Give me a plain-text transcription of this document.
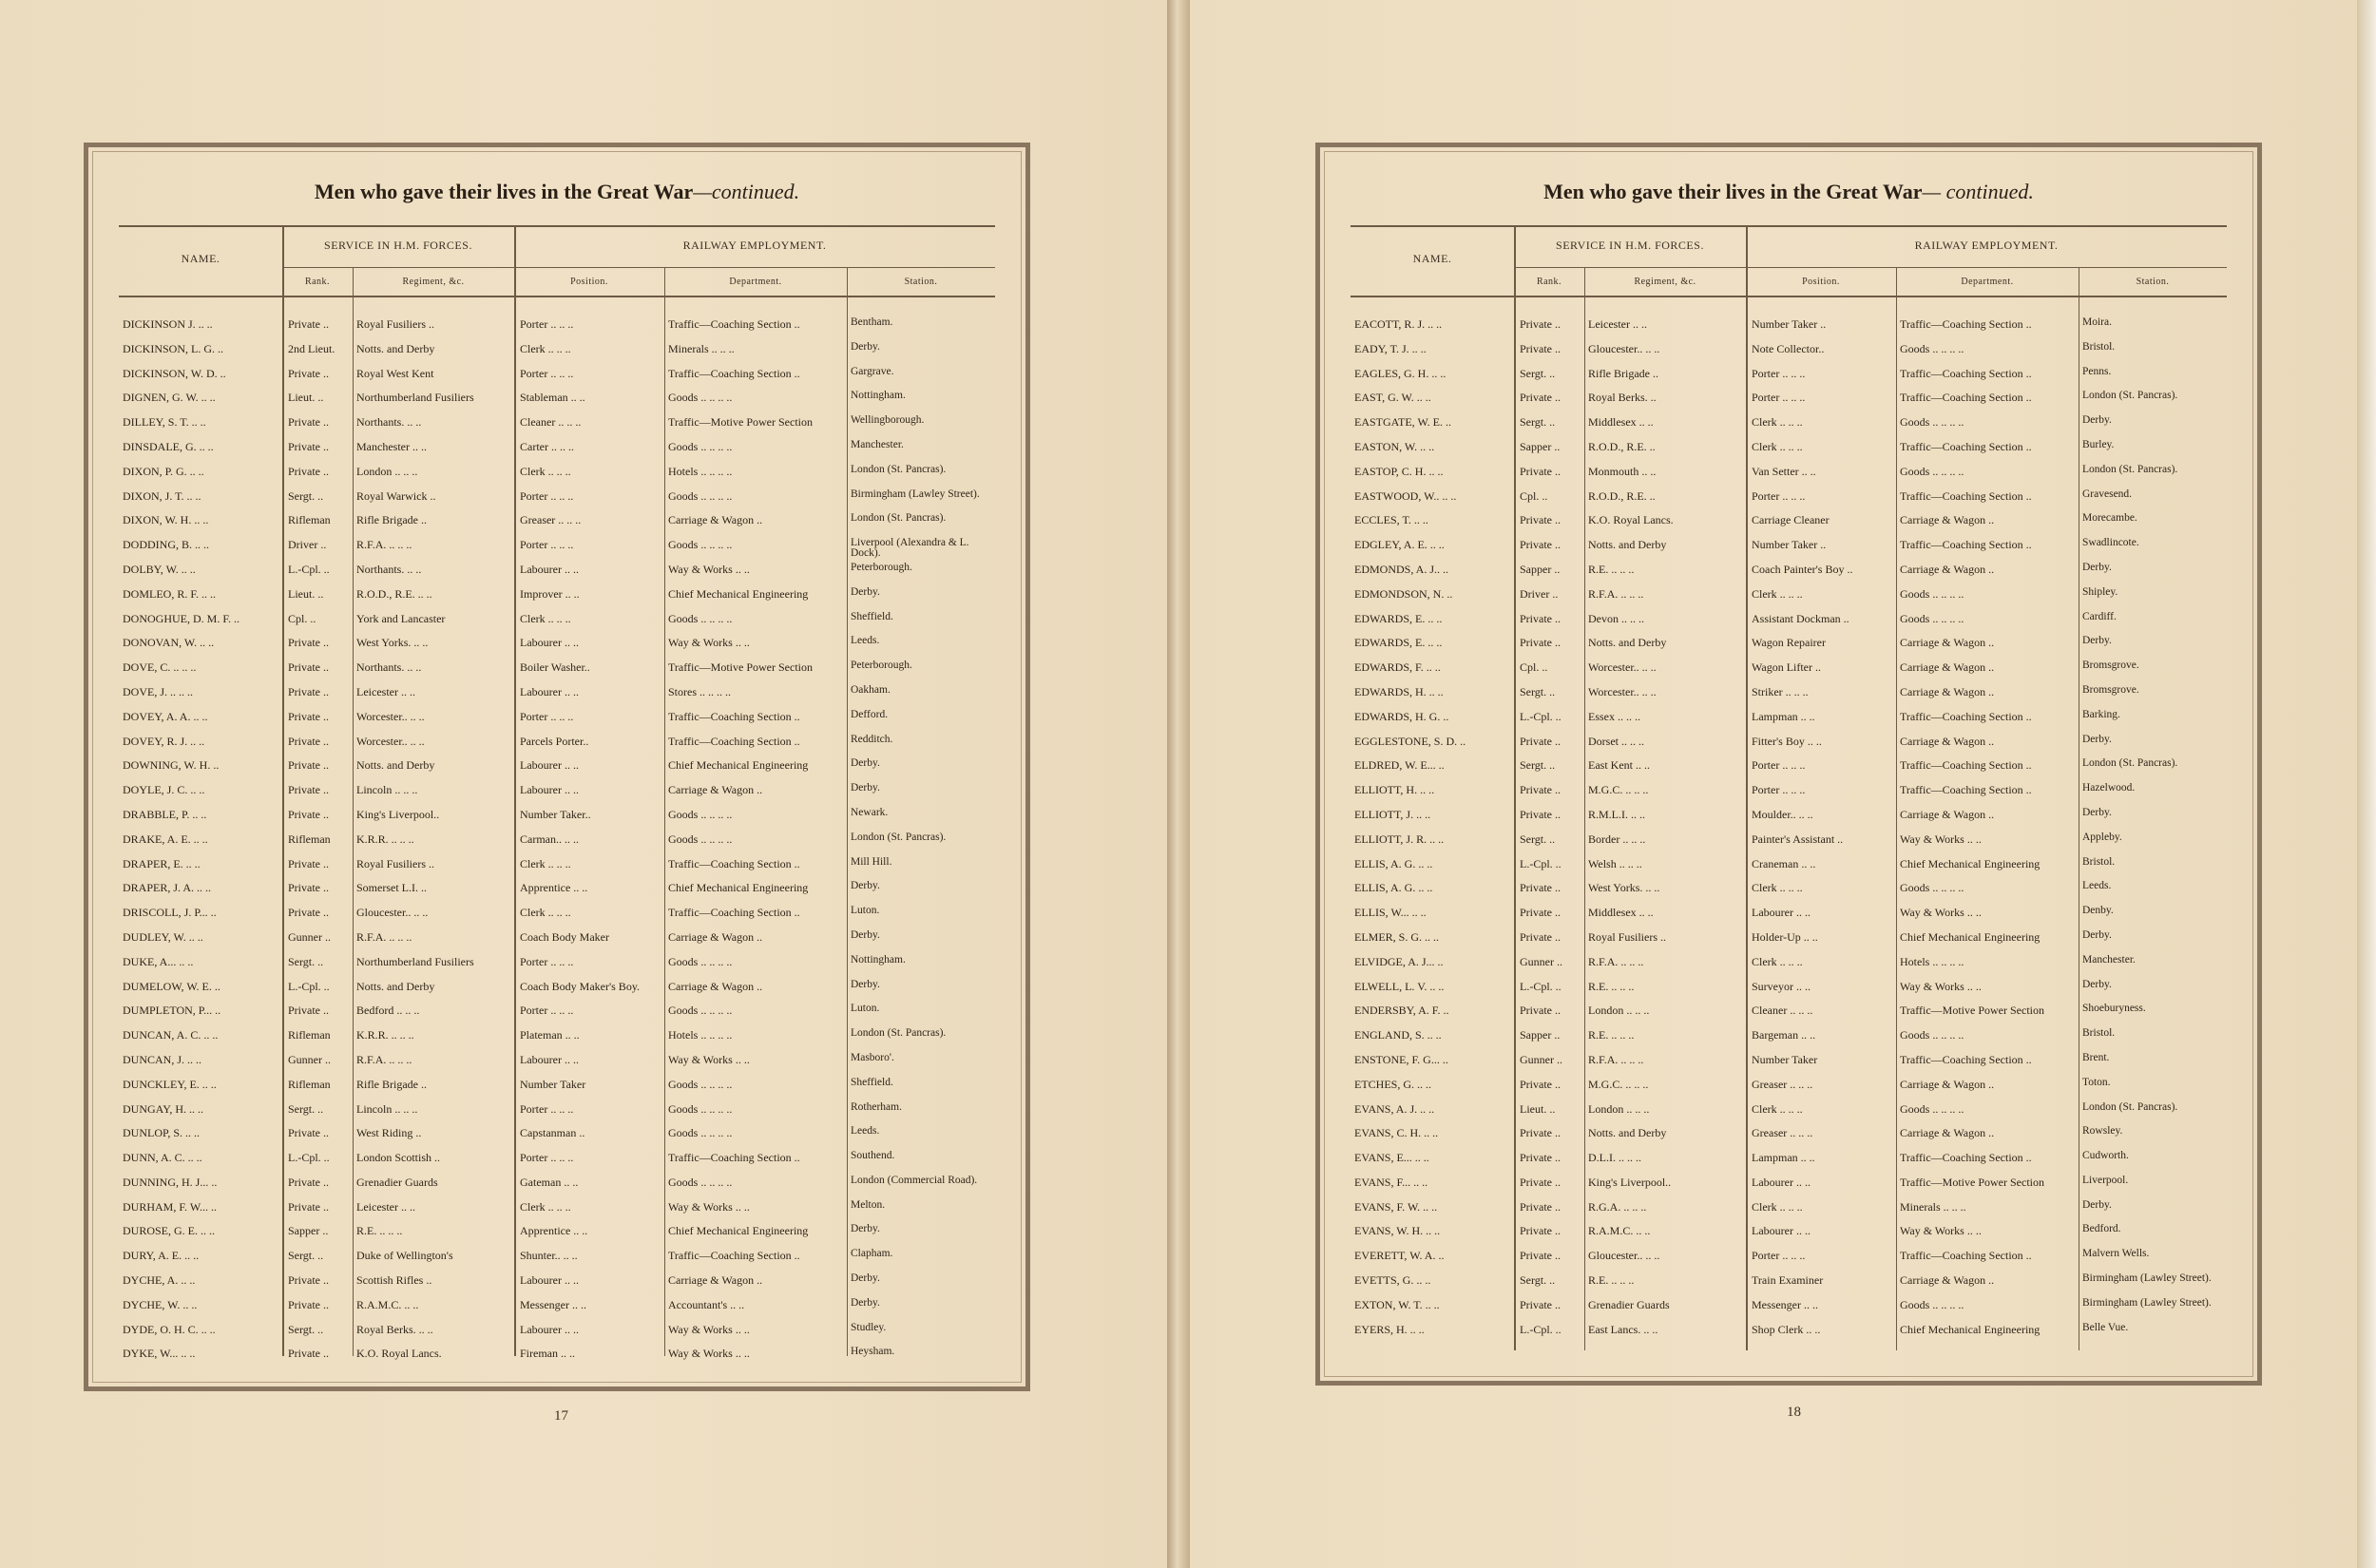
Men who gave their lives in the Great War—continued.
NAME.
SERVICE IN H.M. FORCES.	RAILWAY EMPLOYMENT.
Rank.	Regiment, &c.	Position.	Department.	Station.
DICKINSON J. .. ..	Private ..	Royal Fusiliers ..	Porter .. .. ..	Traffic—Coaching Section ..	Bentham.
DICKINSON, L. G. ..	2nd Lieut.	Notts. and Derby	Clerk .. .. ..	Minerals .. .. ..	Derby.
DICKINSON, W. D. ..	Private ..	Royal West Kent	Porter .. .. ..	Traffic—Coaching Section ..	Gargrave.
DIGNEN, G. W. .. ..	Lieut. ..	Northumberland Fusiliers	Stableman .. ..	Goods .. .. .. ..	Nottingham.
DILLEY, S. T. .. ..	Private ..	Northants. .. ..	Cleaner .. .. ..	Traffic—Motive Power Section	Wellingborough.
DINSDALE, G. .. ..	Private ..	Manchester .. ..	Carter .. .. ..	Goods .. .. .. ..	Manchester.
DIXON, P. G. .. ..	Private ..	London .. .. ..	Clerk .. .. ..	Hotels .. .. .. ..	London (St. Pancras).
DIXON, J. T. .. ..	Sergt. ..	Royal Warwick ..	Porter .. .. ..	Goods .. .. .. ..	Birmingham (Lawley Street).
DIXON, W. H. .. ..	Rifleman	Rifle Brigade ..	Greaser .. .. ..	Carriage & Wagon ..	London (St. Pancras).
DODDING, B. .. ..	Driver ..	R.F.A. .. .. ..	Porter .. .. ..	Goods .. .. .. ..	Liverpool (Alexandra & L. Dock).
DOLBY, W. .. ..	L.-Cpl. ..	Northants. .. ..	Labourer .. ..	Way & Works .. ..	Peterborough.
DOMLEO, R. F. .. ..	Lieut. ..	R.O.D., R.E. .. ..	Improver .. ..	Chief Mechanical Engineering	Derby.
DONOGHUE, D. M. F. ..	Cpl. ..	York and Lancaster	Clerk .. .. ..	Goods .. .. .. ..	Sheffield.
DONOVAN, W. .. ..	Private ..	West Yorks. .. ..	Labourer .. ..	Way & Works .. ..	Leeds.
DOVE, C. .. .. ..	Private ..	Northants. .. ..	Boiler Washer..	Traffic—Motive Power Section	Peterborough.
DOVE, J. .. .. ..	Private ..	Leicester .. ..	Labourer .. ..	Stores .. .. .. ..	Oakham.
DOVEY, A. A. .. ..	Private ..	Worcester.. .. ..	Porter .. .. ..	Traffic—Coaching Section ..	Defford.
DOVEY, R. J. .. ..	Private ..	Worcester.. .. ..	Parcels Porter..	Traffic—Coaching Section ..	Redditch.
DOWNING, W. H. ..	Private ..	Notts. and Derby	Labourer .. ..	Chief Mechanical Engineering	Derby.
DOYLE, J. C. .. ..	Private ..	Lincoln .. .. ..	Labourer .. ..	Carriage & Wagon ..	Derby.
DRABBLE, P. .. ..	Private ..	King's Liverpool..	Number Taker..	Goods .. .. .. ..	Newark.
DRAKE, A. E. .. ..	Rifleman	K.R.R. .. .. ..	Carman.. .. ..	Goods .. .. .. ..	London (St. Pancras).
DRAPER, E. .. ..	Private ..	Royal Fusiliers ..	Clerk .. .. ..	Traffic—Coaching Section ..	Mill Hill.
DRAPER, J. A. .. ..	Private ..	Somerset L.I. ..	Apprentice .. ..	Chief Mechanical Engineering	Derby.
DRISCOLL, J. P... ..	Private ..	Gloucester.. .. ..	Clerk .. .. ..	Traffic—Coaching Section ..	Luton.
DUDLEY, W. .. ..	Gunner ..	R.F.A. .. .. ..	Coach Body Maker	Carriage & Wagon ..	Derby.
DUKE, A... .. ..	Sergt. ..	Northumberland Fusiliers	Porter .. .. ..	Goods .. .. .. ..	Nottingham.
DUMELOW, W. E. ..	L.-Cpl. ..	Notts. and Derby	Coach Body Maker's Boy.	Carriage & Wagon ..	Derby.
DUMPLETON, P... ..	Private ..	Bedford .. .. ..	Porter .. .. ..	Goods .. .. .. ..	Luton.
DUNCAN, A. C. .. ..	Rifleman	K.R.R. .. .. ..	Plateman .. ..	Hotels .. .. .. ..	London (St. Pancras).
DUNCAN, J. .. ..	Gunner ..	R.F.A. .. .. ..	Labourer .. ..	Way & Works .. ..	Masboro'.
DUNCKLEY, E. .. ..	Rifleman	Rifle Brigade ..	Number Taker	Goods .. .. .. ..	Sheffield.
DUNGAY, H. .. ..	Sergt. ..	Lincoln .. .. ..	Porter .. .. ..	Goods .. .. .. ..	Rotherham.
DUNLOP, S. .. ..	Private ..	West Riding ..	Capstanman ..	Goods .. .. .. ..	Leeds.
DUNN, A. C. .. ..	L.-Cpl. ..	London Scottish ..	Porter .. .. ..	Traffic—Coaching Section ..	Southend.
DUNNING, H. J... ..	Private ..	Grenadier Guards	Gateman .. ..	Goods .. .. .. ..	London (Commercial Road).
DURHAM, F. W... ..	Private ..	Leicester .. ..	Clerk .. .. ..	Way & Works .. ..	Melton.
DUROSE, G. E. .. ..	Sapper ..	R.E. .. .. ..	Apprentice .. ..	Chief Mechanical Engineering	Derby.
DURY, A. E. .. ..	Sergt. ..	Duke of Wellington's	Shunter.. .. ..	Traffic—Coaching Section ..	Clapham.
DYCHE, A. .. ..	Private ..	Scottish Rifles ..	Labourer .. ..	Carriage & Wagon ..	Derby.
DYCHE, W. .. ..	Private ..	R.A.M.C. .. ..	Messenger .. ..	Accountant's .. ..	Derby.
DYDE, O. H. C. .. ..	Sergt. ..	Royal Berks. .. ..	Labourer .. ..	Way & Works .. ..	Studley.
DYKE, W... .. ..	Private ..	K.O. Royal Lancs.	Fireman .. ..	Way & Works .. ..	Heysham.
17
Men who gave their lives in the Great War— continued.
NAME.
SERVICE IN H.M. FORCES.	RAILWAY EMPLOYMENT.
Rank.	Regiment, &c.	Position.	Department.	Station.
EACOTT, R. J. .. ..	Private ..	Leicester .. ..	Number Taker ..	Traffic—Coaching Section ..	Moira.
EADY, T. J. .. ..	Private ..	Gloucester.. .. ..	Note Collector..	Goods .. .. .. ..	Bristol.
EAGLES, G. H. .. ..	Sergt. ..	Rifle Brigade ..	Porter .. .. ..	Traffic—Coaching Section ..	Penns.
EAST, G. W. .. ..	Private ..	Royal Berks. ..	Porter .. .. ..	Traffic—Coaching Section ..	London (St. Pancras).
EASTGATE, W. E. ..	Sergt. ..	Middlesex .. ..	Clerk .. .. ..	Goods .. .. .. ..	Derby.
EASTON, W. .. ..	Sapper ..	R.O.D., R.E. ..	Clerk .. .. ..	Traffic—Coaching Section ..	Burley.
EASTOP, C. H. .. ..	Private ..	Monmouth .. ..	Van Setter .. ..	Goods .. .. .. ..	London (St. Pancras).
EASTWOOD, W.. .. ..	Cpl. ..	R.O.D., R.E. ..	Porter .. .. ..	Traffic—Coaching Section ..	Gravesend.
ECCLES, T. .. ..	Private ..	K.O. Royal Lancs.	Carriage Cleaner	Carriage & Wagon ..	Morecambe.
EDGLEY, A. E. .. ..	Private ..	Notts. and Derby	Number Taker ..	Traffic—Coaching Section ..	Swadlincote.
EDMONDS, A. J.. ..	Sapper ..	R.E. .. .. ..	Coach Painter's Boy ..	Carriage & Wagon ..	Derby.
EDMONDSON, N. ..	Driver ..	R.F.A. .. .. ..	Clerk .. .. ..	Goods .. .. .. ..	Shipley.
EDWARDS, E. .. ..	Private ..	Devon .. .. ..	Assistant Dockman ..	Goods .. .. .. ..	Cardiff.
EDWARDS, E. .. ..	Private ..	Notts. and Derby	Wagon Repairer	Carriage & Wagon ..	Derby.
EDWARDS, F. .. ..	Cpl. ..	Worcester.. .. ..	Wagon Lifter ..	Carriage & Wagon ..	Bromsgrove.
EDWARDS, H. .. ..	Sergt. ..	Worcester.. .. ..	Striker .. .. ..	Carriage & Wagon ..	Bromsgrove.
EDWARDS, H. G. ..	L.-Cpl. ..	Essex .. .. ..	Lampman .. ..	Traffic—Coaching Section ..	Barking.
EGGLESTONE, S. D. ..	Private ..	Dorset .. .. ..	Fitter's Boy .. ..	Carriage & Wagon ..	Derby.
ELDRED, W. E... ..	Sergt. ..	East Kent .. ..	Porter .. .. ..	Traffic—Coaching Section ..	London (St. Pancras).
ELLIOTT, H. .. ..	Private ..	M.G.C. .. .. ..	Porter .. .. ..	Traffic—Coaching Section ..	Hazelwood.
ELLIOTT, J. .. ..	Private ..	R.M.L.I. .. ..	Moulder.. .. ..	Carriage & Wagon ..	Derby.
ELLIOTT, J. R. .. ..	Sergt. ..	Border .. .. ..	Painter's Assistant ..	Way & Works .. ..	Appleby.
ELLIS, A. G. .. ..	L.-Cpl. ..	Welsh .. .. ..	Craneman .. ..	Chief Mechanical Engineering	Bristol.
ELLIS, A. G. .. ..	Private ..	West Yorks. .. ..	Clerk .. .. ..	Goods .. .. .. ..	Leeds.
ELLIS, W... .. ..	Private ..	Middlesex .. ..	Labourer .. ..	Way & Works .. ..	Denby.
ELMER, S. G. .. ..	Private ..	Royal Fusiliers ..	Holder-Up .. ..	Chief Mechanical Engineering	Derby.
ELVIDGE, A. J... ..	Gunner ..	R.F.A. .. .. ..	Clerk .. .. ..	Hotels .. .. .. ..	Manchester.
ELWELL, L. V. .. ..	L.-Cpl. ..	R.E. .. .. ..	Surveyor .. ..	Way & Works .. ..	Derby.
ENDERSBY, A. F. ..	Private ..	London .. .. ..	Cleaner .. .. ..	Traffic—Motive Power Section	Shoeburyness.
ENGLAND, S. .. ..	Sapper ..	R.E. .. .. ..	Bargeman .. ..	Goods .. .. .. ..	Bristol.
ENSTONE, F. G... ..	Gunner ..	R.F.A. .. .. ..	Number Taker	Traffic—Coaching Section ..	Brent.
ETCHES, G. .. ..	Private ..	M.G.C. .. .. ..	Greaser .. .. ..	Carriage & Wagon ..	Toton.
EVANS, A. J. .. ..	Lieut. ..	London .. .. ..	Clerk .. .. ..	Goods .. .. .. ..	London (St. Pancras).
EVANS, C. H. .. ..	Private ..	Notts. and Derby	Greaser .. .. ..	Carriage & Wagon ..	Rowsley.
EVANS, E... .. ..	Private ..	D.L.I. .. .. ..	Lampman .. ..	Traffic—Coaching Section ..	Cudworth.
EVANS, F... .. ..	Private ..	King's Liverpool..	Labourer .. ..	Traffic—Motive Power Section	Liverpool.
EVANS, F. W. .. ..	Private ..	R.G.A. .. .. ..	Clerk .. .. ..	Minerals .. .. ..	Derby.
EVANS, W. H. .. ..	Private ..	R.A.M.C. .. ..	Labourer .. ..	Way & Works .. ..	Bedford.
EVERETT, W. A. ..	Private ..	Gloucester.. .. ..	Porter .. .. ..	Traffic—Coaching Section ..	Malvern Wells.
EVETTS, G. .. ..	Sergt. ..	R.E. .. .. ..	Train Examiner	Carriage & Wagon ..	Birmingham (Lawley Street).
EXTON, W. T. .. ..	Private ..	Grenadier Guards	Messenger .. ..	Goods .. .. .. ..	Birmingham (Lawley Street).
EYERS, H. .. ..	L.-Cpl. ..	East Lancs. .. ..	Shop Clerk .. ..	Chief Mechanical Engineering	Belle Vue.
18
